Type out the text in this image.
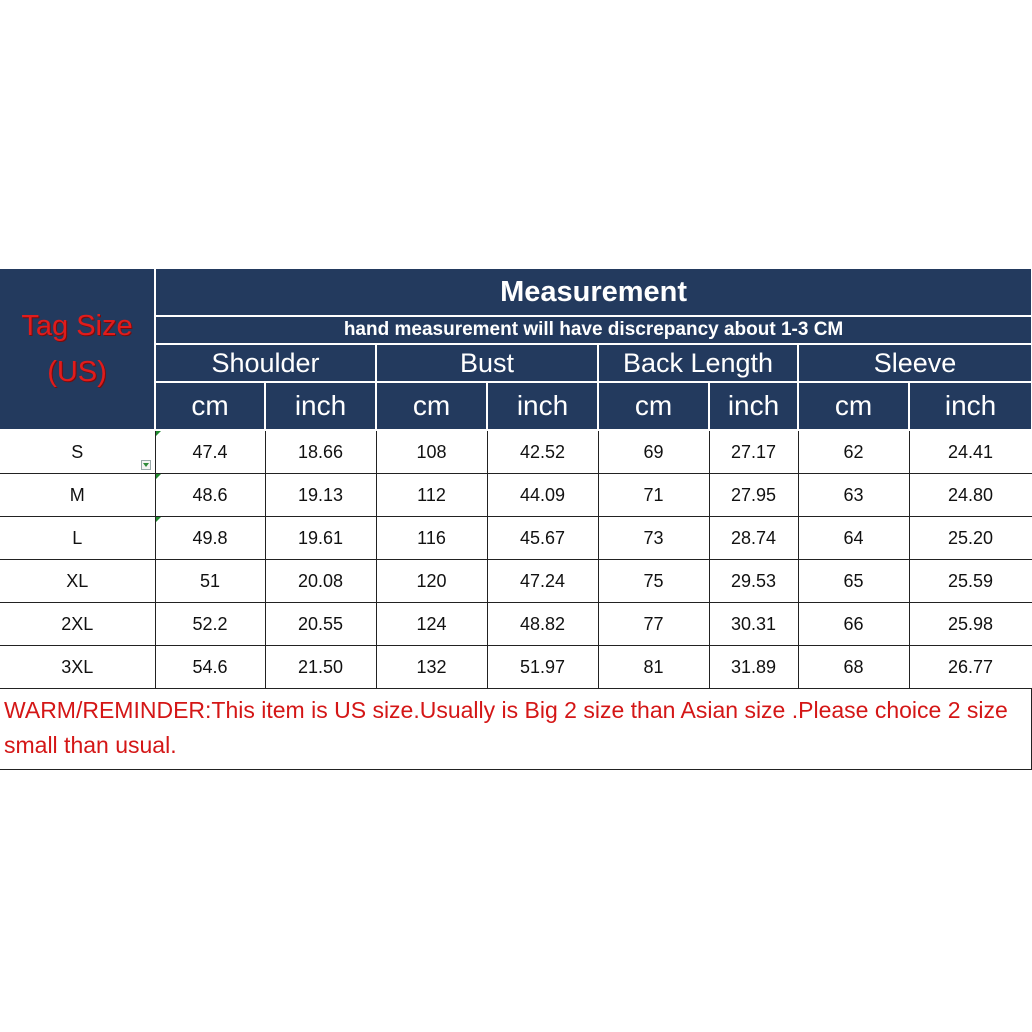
Tag Size (US)	Measurement							
	hand measurement will have discrepancy about 1-3 CM							
	Shoulder		Bust		Back Length		Sleeve	
	cm	inch	cm	inch	cm	inch	cm	inch
S	47.4	18.66	108	42.52	69	27.17	62	24.41
M	48.6	19.13	112	44.09	71	27.95	63	24.80
L	49.8	19.61	116	45.67	73	28.74	64	25.20
XL	51	20.08	120	47.24	75	29.53	65	25.59
2XL	52.2	20.55	124	48.82	77	30.31	66	25.98
3XL	54.6	21.50	132	51.97	81	31.89	68	26.77
WARM/REMINDER:This item is US size.Usually is Big 2 size than Asian size .Please choice 2 size small than usual.
